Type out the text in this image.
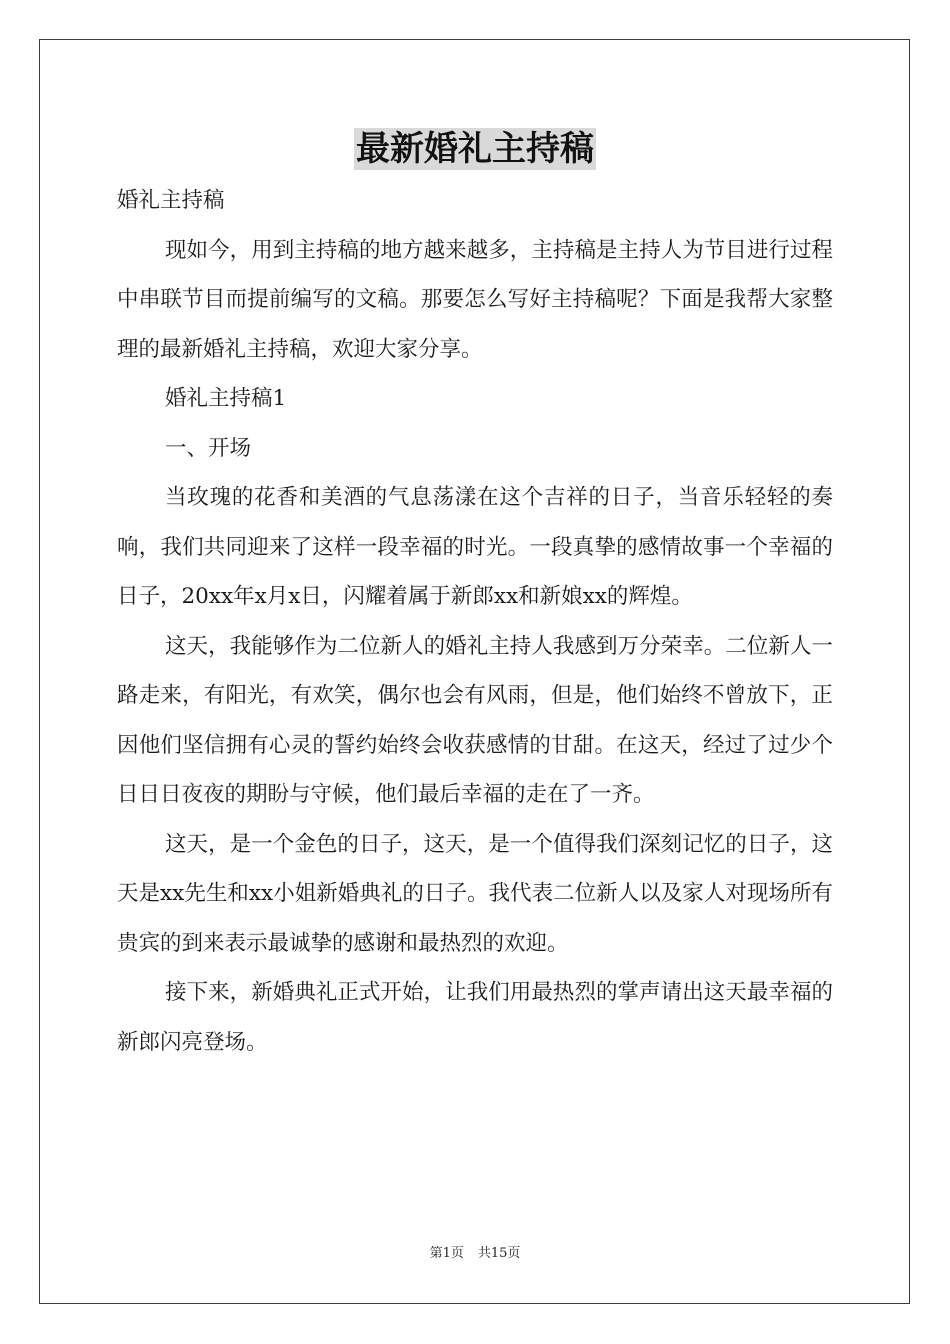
最新婚礼主持稿

婚礼主持稿

现如今，用到主持稿的地方越来越多，主持稿是主持人为节目进行过程中串联节目而提前编写的文稿。那要怎么写好主持稿呢？下面是我帮大家整理的最新婚礼主持稿，欢迎大家分享。

婚礼主持稿1

一、开场

当玫瑰的花香和美酒的气息荡漾在这个吉祥的日子，当音乐轻轻的奏响，我们共同迎来了这样一段幸福的时光。一段真挚的感情故事一个幸福的日子，20xx年x月x日，闪耀着属于新郎xx和新娘xx的辉煌。

这天，我能够作为二位新人的婚礼主持人我感到万分荣幸。二位新人一路走来，有阳光，有欢笑，偶尔也会有风雨，但是，他们始终不曾放下，正因他们坚信拥有心灵的誓约始终会收获感情的甘甜。在这天，经过了过少个日日日夜夜的期盼与守候，他们最后幸福的走在了一齐。

这天，是一个金色的日子，这天，是一个值得我们深刻记忆的日子，这天是xx先生和xx小姐新婚典礼的日子。我代表二位新人以及家人对现场所有贵宾的到来表示最诚挚的感谢和最热烈的欢迎。

接下来，新婚典礼正式开始，让我们用最热烈的掌声请出这天最幸福的新郎闪亮登场。

第1页 共15页
